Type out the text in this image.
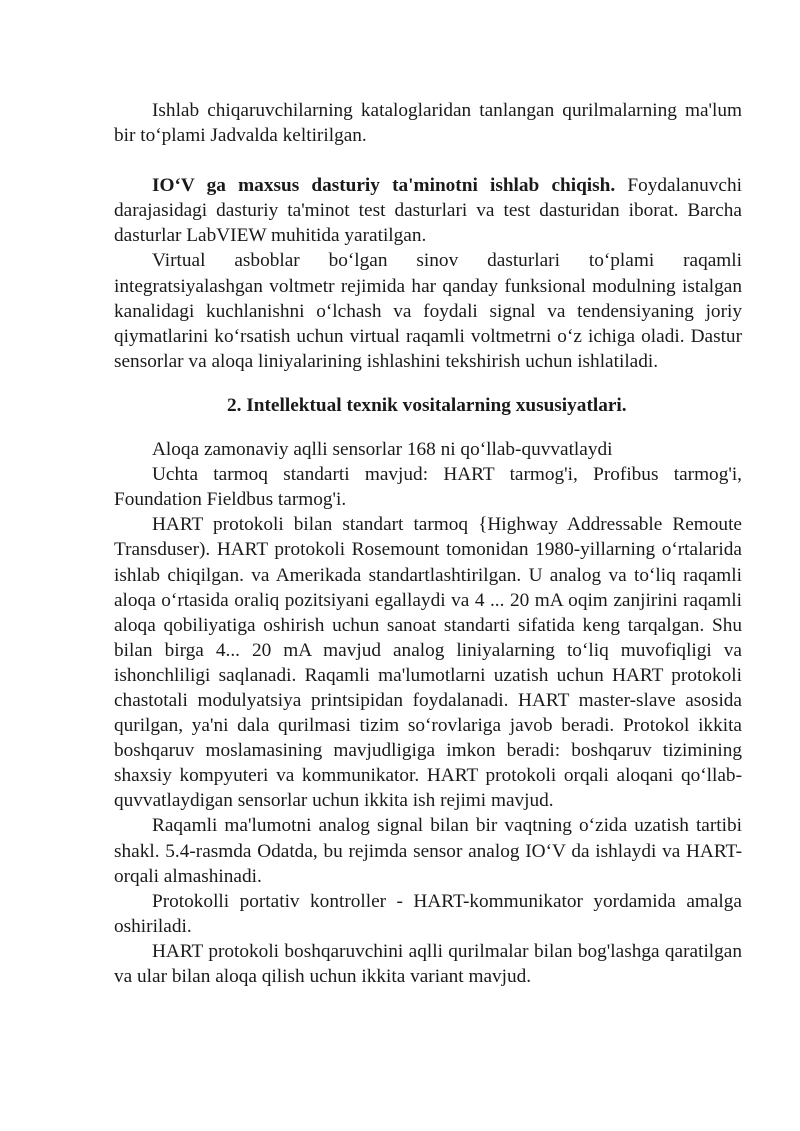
Ishlab chiqaruvchilarning kataloglaridan tanlangan qurilmalarning ma'lum bir to‘plami Jadvalda keltirilgan.

IO‘V ga maxsus dasturiy ta'minotni ishlab chiqish. Foydalanuvchi darajasidagi dasturiy ta'minot test dasturlari va test dasturidan iborat. Barcha dasturlar LabVIEW muhitida yaratilgan.

Virtual asboblar bo‘lgan sinov dasturlari to‘plami raqamli integratsiyalashgan voltmetr rejimida har qanday funksional modulning istalgan kanalidagi kuchlanishni o‘lchash va foydali signal va tendensiyaning joriy qiymatlarini ko‘rsatish uchun virtual raqamli voltmetrni o‘z ichiga oladi. Dastur sensorlar va aloqa liniyalarining ishlashini tekshirish uchun ishlatiladi.

2. Intellektual texnik vositalarning xususiyatlari.

Aloqa zamonaviy aqlli sensorlar 168 ni qo‘llab-quvvatlaydi

Uchta tarmoq standarti mavjud: HART tarmog'i, Profibus tarmog'i, Foundation Fieldbus tarmog'i.

HART protokoli bilan standart tarmoq {Highway Addressable Remoute Transduser). HART protokoli Rosemount tomonidan 1980-yillarning o‘rtalarida ishlab chiqilgan. va Amerikada standartlashtirilgan. U analog va to‘liq raqamli aloqa o‘rtasida oraliq pozitsiyani egallaydi va 4 ... 20 mA oqim zanjirini raqamli aloqa qobiliyatiga oshirish uchun sanoat standarti sifatida keng tarqalgan. Shu bilan birga 4... 20 mA mavjud analog liniyalarning to‘liq muvofiqligi va ishonchliligi saqlanadi. Raqamli ma'lumotlarni uzatish uchun HART protokoli chastotali modulyatsiya printsipidan foydalanadi. HART master-slave asosida qurilgan, ya'ni dala qurilmasi tizim so‘rovlariga javob beradi. Protokol ikkita boshqaruv moslamasining mavjudligiga imkon beradi: boshqaruv tizimining shaxsiy kompyuteri va kommunikator. HART protokoli orqali aloqani qo‘llab-quvvatlaydigan sensorlar uchun ikkita ish rejimi mavjud.

Raqamli ma'lumotni analog signal bilan bir vaqtning o‘zida uzatish tartibi shakl. 5.4-rasmda Odatda, bu rejimda sensor analog IO‘V da ishlaydi va HART- orqali almashinadi.

Protokolli portativ kontroller - HART-kommunikator yordamida amalga oshiriladi.

HART protokoli boshqaruvchini aqlli qurilmalar bilan bog'lashga qaratilgan va ular bilan aloqa qilish uchun ikkita variant mavjud.
